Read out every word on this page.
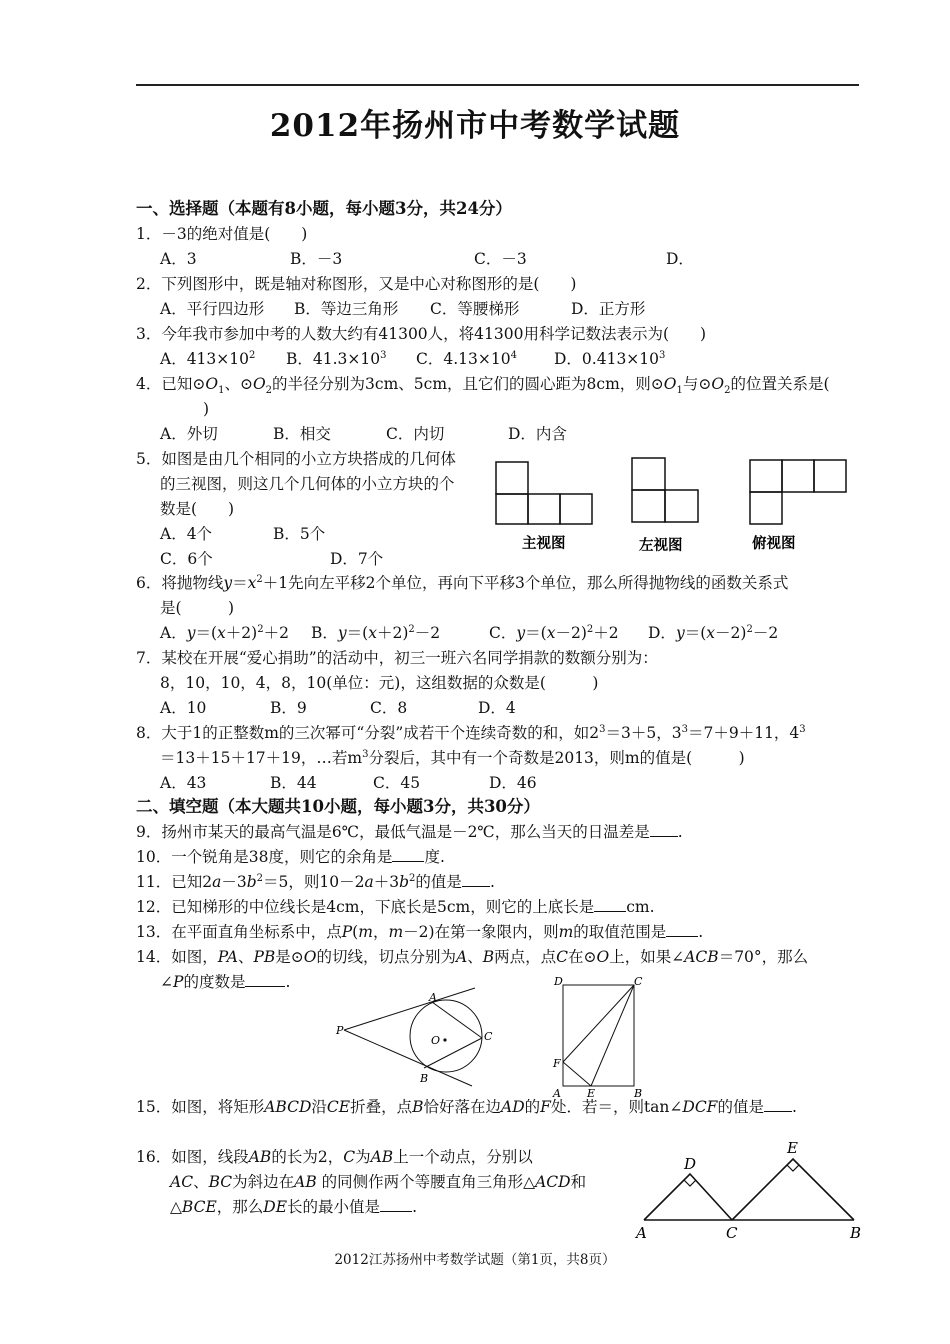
2012年扬州市中考数学试题
一、选择题（本题有8小题，每小题3分，共24分）
1．－3的绝对值是(　　)
A．3	B．－3	C．－3	D．
2．下列图形中，既是轴对称图形，又是中心对称图形的是(　　)
A．平行四边形 B．等边三角形 C．等腰梯形	D．正方形
3．今年我市参加中考的人数大约有41300人，将41300用科学记数法表示为(　　)
A．$413\times 10^2$ B．$41.3\times 10^3$ C．$4.13\times 10^4$ D．$0.413\times 10^3$
4．已知$⊙O_1$、$⊙O_2$的半径分别为3cm、5cm，且它们的圆心距为8cm，则$⊙O_1$与$⊙O_2$的位置关系是(
)
A．外切	B．相交	C．内切	D．内含
5．如图是由几个相同的小立方块搭成的几何体
的三视图，则这几个几何体的小立方块的个
数是(　　)
A．4个	B．5个
C．6个	D．7个
主视图	左视图	俯视图
6．将抛物线$y=x^2+1$先向左平移2个单位，再向下平移3个单位，那么所得抛物线的函数关系式
是(　　　)
A．$y=(x+2)^2+2$ B．$y=(x+2)^2-2$	C．$y=(x-2)^2+2$ D．$y=(x-2)^2-2$
7．某校在开展“爱心捐助”的活动中，初三一班六名同学捐款的数额分别为：
8，10，10，4，8，10(单位：元)，这组数据的众数是(　　　)
A．10	B．9	C．8	D．4
8．大于1的正整数m的三次幂可“分裂”成若干个连续奇数的和，如$2^3=3+5$，$3^3=7+9+11$，$4^3$
＝13＋15＋17＋19，…若$m^3$分裂后，其中有一个奇数是2013，则m的值是(　　　)
A．43	B．44	C．45	D．46
二、填空题（本大题共10小题，每小题3分，共30分）
9．扬州市某天的最高气温是6℃，最低气温是－2℃，那么当天的日温差是 .
10．一个锐角是38度，则它的余角是 度.
11．已知$2a-3b^2=5$，则$10-2a+3b^2$的值是 .
12．已知梯形的中位线长是4cm，下底长是5cm，则它的上底长是 cm.
13．在平面直角坐标系中，点P(m，m－2)在第一象限内，则m的取值范围是 .
14．如图，PA、PB是⊙O的切线，切点分别为A、B两点，点C在⊙O上，如果∠ACB＝70°，那么
∠P的度数是	.
P
A
C
O
B
D	C
F
A E	B
15．如图，将矩形ABCD沿CE折叠，点B恰好落在边AD的F处．若＝，则tan∠DCF的值是 .
16．如图，线段AB的长为2，C为AB上一个动点，分别以
AC、BC为斜边在AB 的同侧作两个等腰直角三角形△ACD和
△BCE，那么DE长的最小值是 .
D
E
A	C	B
2012江苏扬州中考数学试题（第1页，共8页）
